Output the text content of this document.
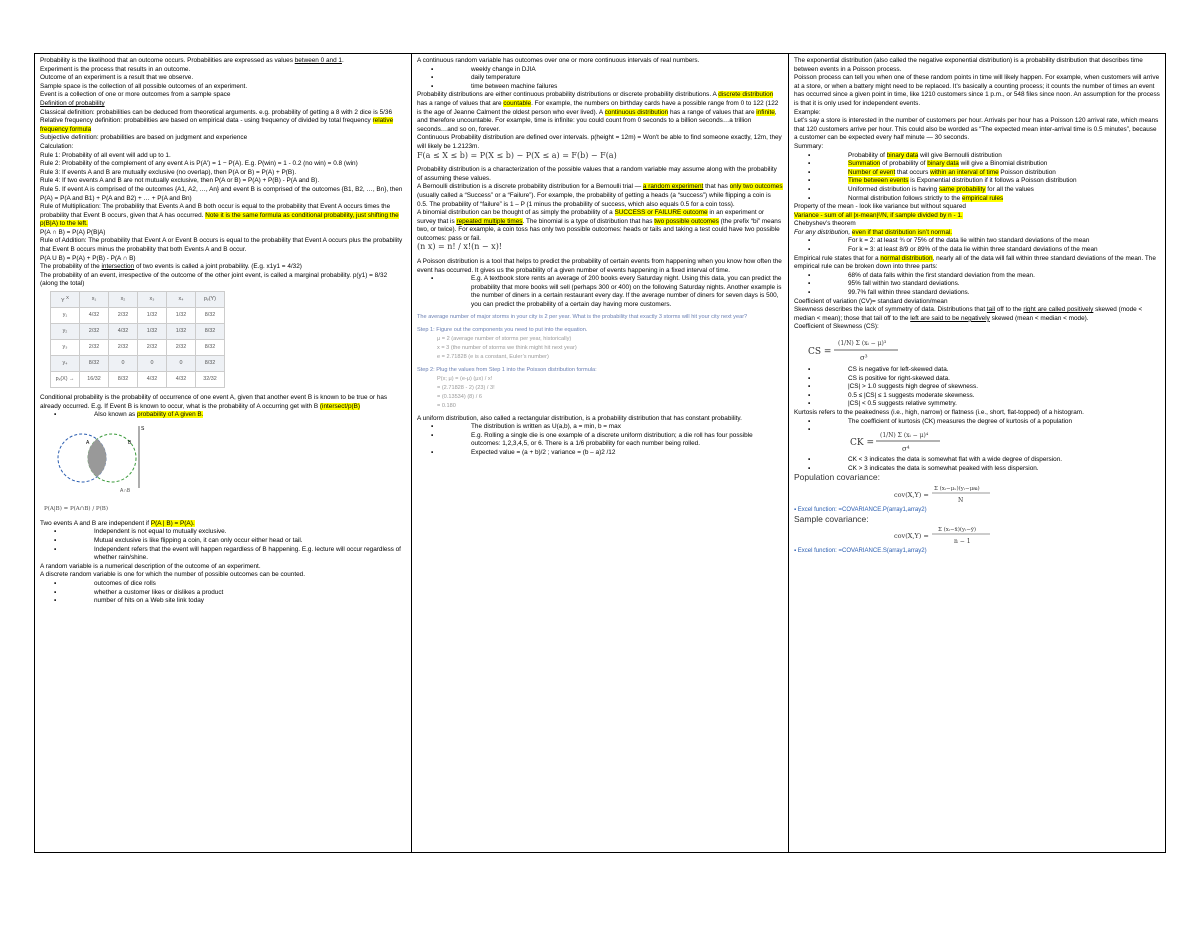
Probability is the likelihood that an outcome occurs. Probabilities are expressed as values between 0 and 1.

Experiment is the process that results in an outcome.

Outcome of an experiment is a result that we observe.

Sample space is the collection of all possible outcomes of an experiment.

Event is a collection of one or more outcomes from a sample space

Definition of probability

Classical definition: probabilities can be deduced from theoretical arguments. e.g. probability of getting a 8 with 2 dice is 5/36

Relative frequency definition: probabilities are based on empirical data - using frequency of divided by total frequency relative frequency formula

Subjective definition: probabilities are based on judgment and experience

Calculation:

Rule 1: Probability of all event will add up to 1.

Rule 2: Probability of the complement of any event A is P(A') = 1 − P(A). E.g. P(win) = 1 - 0.2 (no win) = 0.8 (win)

Rule 3: If events A and B are mutually exclusive (no overlap), then P(A or B) = P(A) + P(B).

Rule 4: If two events A and B are not mutually exclusive, then P(A or B) = P(A) + P(B) - P(A and B).

Rule 5. If event A is comprised of the outcomes {A1, A2, …, An} and event B is comprised of the outcomes {B1, B2, …, Bn}, then P(A) = P(A and B1) + P(A and B2) + … + P(A and Bn)

Rule of Multiplication: The probability that Events A and B both occur is equal to the probability that Event A occurs times the probability that Event B occurs, given that A has occurred. Note it is the same formula as conditional probability, just shifting the p(B|A) to the left.

P(A ∩ B) = P(A) P(B|A)

Rule of Addition: The probability that Event A or Event B occurs is equal to the probability that Event A occurs plus the probability that Event B occurs minus the probability that both Events A and B occur.

P(A U B) = P(A) + P(B) - P(A ∩ B)

The probability of the intersection of two events is called a joint probability. (E.g. x1y1 = 4/32)

The probability of an event, irrespective of the outcome of the other joint event, is called a marginal probability. p(y1) = 8/32 (along the total)

Y $^X$	x₁	x₂	x₃	x₄	pᵧ(Y)
y₁	4/32	2/32	1/32	1/32	8/32
y₂	2/32	4/32	1/32	1/32	8/32
y₃	2/32	2/32	2/32	2/32	8/32
y₄	8/32	0	0	0	8/32
pₓ(X) →	16/32	8/32	4/32	4/32	32/32

Conditional probability is the probability of occurrence of one event A, given that another event B is known to be true or has already occurred. E.g. If Event B is known to occur, what is the probability of A occurring get with B (intersect/p(B)

▪ Also known as probability of A given B.
S
A	B
A∩B
P(A|B) = P(A∩B) / P(B)

Two events A and B are independent if P(A | B) = P(A).

▪ Independent is not equal to mutually exclusive.
▪ Mutual exclusive is like flipping a coin, it can only occur either head or tail.
▪ Independent refers that the event will happen regardless of B happening. E.g. lecture will occur regardless of whether rain/shine.

A random variable is a numerical description of the outcome of an experiment.

A discrete random variable is one for which the number of possible outcomes can be counted.

▪ outcomes of dice rolls
▪ whether a customer likes or dislikes a product
▪ number of hits on a Web site link today

A continuous random variable has outcomes over one or more continuous intervals of real numbers.

▪ weekly change in DJIA
▪ daily temperature
▪ time between machine failures

Probability distributions are either continuous probability distributions or discrete probability distributions. A discrete distribution has a range of values that are countable. For example, the numbers on birthday cards have a possible range from 0 to 122 (122 is the age of Jeanne Calment the oldest person who ever lived). A continuous distribution has a range of values that are infinite, and therefore uncountable. For example, time is infinite: you could count from 0 seconds to a billion seconds…a trillion seconds…and so on, forever.

Continuous Probability distribution are defined over intervals. p(height = 12m) = Won't be able to find someone exactly, 12m, they will likely be 1.2123m.

F(a ≤ X ≤ b) = P(X ≤ b) − P(X ≤ a) = F(b) − F(a)

Probability distribution is a characterization of the possible values that a random variable may assume along with the probability of assuming these values.

A Bernoulli distribution is a discrete probability distribution for a Bernoulli trial — a random experiment that has only two outcomes (usually called a “Success” or a “Failure”). For example, the probability of getting a heads (a “success”) while flipping a coin is 0.5. The probability of “failure” is 1 – P (1 minus the probability of success, which also equals 0.5 for a coin toss).

A binomial distribution can be thought of as simply the probability of a SUCCESS or FAILURE outcome in an experiment or survey that is repeated multiple times. The binomial is a type of distribution that has two possible outcomes (the prefix “bi” means two, or twice). For example, a coin toss has only two possible outcomes: heads or tails and taking a test could have two possible outcomes: pass or fail.

(n x) = n! / x!(n − x)!

A Poisson distribution is a tool that helps to predict the probability of certain events from happening when you know how often the event has occurred. It gives us the probability of a given number of events happening in a fixed interval of time.

▪ E.g. A textbook store rents an average of 200 books every Saturday night. Using this data, you can predict the probability that more books will sell (perhaps 300 or 400) on the following Saturday nights. Another example is the number of diners in a certain restaurant every day. If the average number of diners for seven days is 500, you can predict the probability of a certain day having more customers.

The average number of major storms in your city is 2 per year. What is the probability that exactly 3 storms will hit your city next year?

Step 1: Figure out the components you need to put into the equation.

μ = 2 (average number of storms per year, historically)

x = 3 (the number of storms we think might hit next year)

e = 2.71828 (e is a constant, Euler’s number)

Step 2: Plug the values from Step 1 into the Poisson distribution formula:

P(x; μ) = (e-μ) (μx) / x!

= (2.71828 - 2) (23) / 3!

= (0.13534) (8) / 6

= 0.180

A uniform distribution, also called a rectangular distribution, is a probability distribution that has constant probability.

▪ The distribution is written as U(a,b), a = min, b = max
▪ E.g. Rolling a single die is one example of a discrete uniform distribution; a die roll has four possible outcomes: 1,2,3,4,5, or 6. There is a 1/6 probability for each number being rolled.
▪ Expected value = (a + b)/2 ; variance = (b – a)2 /12

The exponential distribution (also called the negative exponential distribution) is a probability distribution that describes time between events in a Poisson process.

Poisson process can tell you when one of these random points in time will likely happen. For example, when customers will arrive at a store, or when a battery might need to be replaced. It’s basically a counting process; it counts the number of times an event has occurred since a given point in time, like 1210 customers since 1 p.m., or 548 files since noon. An assumption for the process is that it is only used for independent events.

Example:

Let’s say a store is interested in the number of customers per hour. Arrivals per hour has a Poisson 120 arrival rate, which means that 120 customers arrive per hour. This could also be worded as “The expected mean inter-arrival time is 0.5 minutes”, because a customer can be expected every half minute — 30 seconds.

Summary:

▪ Probability of binary data will give Bernoulli distribution
▪ Summation of probability of binary data will give a Binomial distribution
▪ Number of event that occurs within an interval of time Poisson distribution
▪ Time between events is Exponential distribution if it follows a Poisson distribution
▪ Uniformed distribution is having same probability for all the values
▪ Normal distribution follows strictly to the empirical rules

Property of the mean - look like variance but without squared

Variance - sum of all |x-mean|²/N, if sample divided by n - 1.

Chebyshev’s theorem

For any distribution, even if that distribution isn’t normal.

▪ For k = 2: at least ¾ or 75% of the data lie within two standard deviations of the mean
▪ For k = 3: at least 8/9 or 89% of the data lie within three standard deviations of the mean

Empirical rule states that for a normal distribution, nearly all of the data will fall within three standard deviations of the mean. The empirical rule can be broken down into three parts:

▪ 68% of data falls within the first standard deviation from the mean.
▪ 95% fall within two standard deviations.
▪ 99.7% fall within three standard deviations.

Coefficient of variation (CV)= standard deviation/mean

Skewness describes the lack of symmetry of data. Distributions that tail off to the right are called positively skewed (mode < median < mean); those that tail off to the left are said to be negatively skewed (mean < median < mode).

Coefficient of Skewness (CS):

CS =
(1/N) Σ (xᵢ − μ)³
σ³
▪ CS is negative for left-skewed data.
▪ CS is positive for right-skewed data.
▪ |CS| > 1.0 suggests high degree of skewness.
▪ 0.5 ≤ |CS| ≤ 1 suggests moderate skewness.
▪ |CS| < 0.5 suggests relative symmetry.

Kurtosis refers to the peakedness (i.e., high, narrow) or flatness (i.e., short, flat-topped) of a histogram.

▪ The coefficient of kurtosis (CK) measures the degree of kurtosis of a population
▪ CK =
(1/N) Σ (xᵢ − μ)⁴
σ⁴
▪ CK < 3 indicates the data is somewhat flat with a wide degree of dispersion.
▪ CK > 3 indicates the data is somewhat peaked with less dispersion.

Population covariance:

cov(X,Y) =
Σ (xᵢ−μₓ)(yᵢ−μᵯ)
N

▪ Excel function: =COVARIANCE.P(array1,array2)

Sample covariance:

cov(X,Y) =
Σ (xᵢ−x̄)(yᵢ−ȳ)
n − 1

▪ Excel function: =COVARIANCE.S(array1,array2)
